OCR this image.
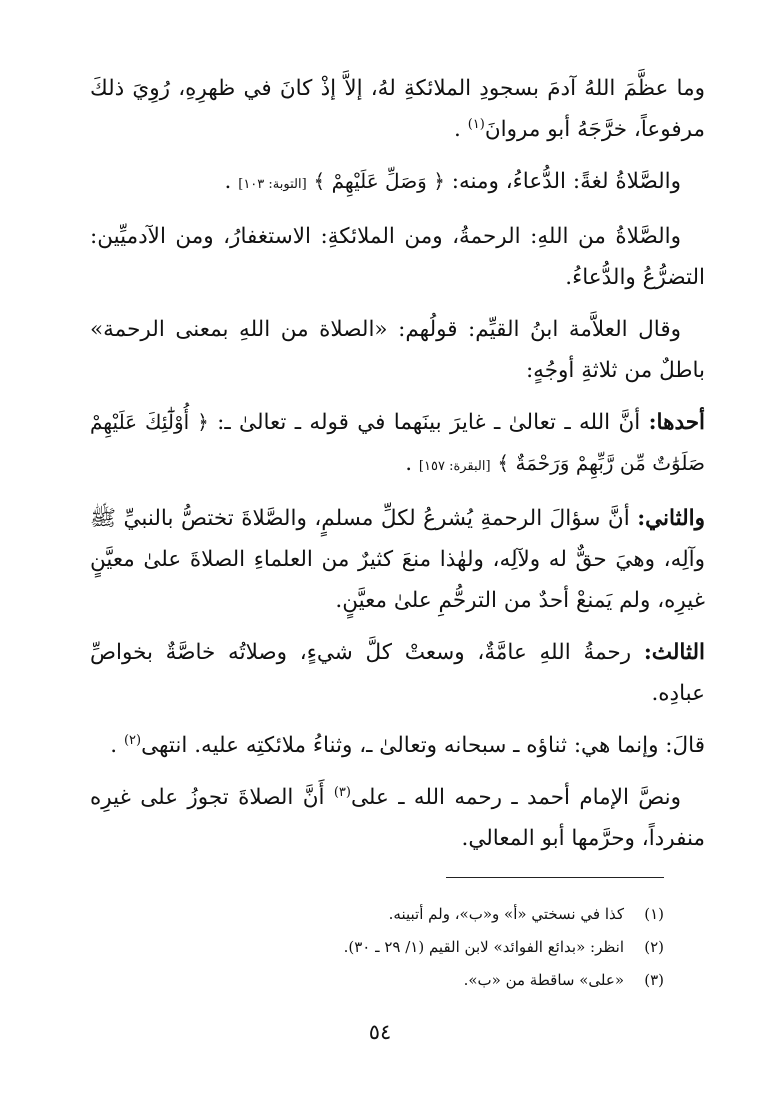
وما عظَّمَ اللهُ آدمَ بسجودِ الملائكةِ لهُ، إلاَّ إذْ كانَ في ظهرِهِ، رُوِيَ ذلكَ مرفوعاً، خرَّجَهُ أبو مروانَ$^{(١)}$ .

والصَّلاةُ لغةً: الدُّعاءُ، ومنه: ﴿ وَصَلِّ عَلَيْهِمْ ﴾ [التوبة: ١٠٣] .

والصَّلاةُ من اللهِ: الرحمةُ، ومن الملائكةِ: الاستغفارُ، ومن الآدميِّين: التضرُّعُ والدُّعاءُ.

وقال العلاَّمة ابنُ القيِّم: قولُهم: «الصلاة من اللهِ بمعنى الرحمة» باطلٌ من ثلاثةِ أوجُهٍ:

أحدها: أنَّ الله ـ تعالىٰ ـ غايرَ بينَهما في قوله ـ تعالىٰ ـ: ﴿ أُوْلَٰٓئِكَ عَلَيْهِمْ صَلَوَٰتٌ مِّن رَّبِّهِمْ وَرَحْمَةٌ ﴾ [البقرة: ١٥٧] .

والثاني: أنَّ سؤالَ الرحمةِ يُشرعُ لكلِّ مسلمٍ، والصَّلاةَ تختصُّ بالنبيِّ ﷺ وآلِه، وهيَ حقٌّ له ولآلِه، ولهٰذا منعَ كثيرٌ من العلماءِ الصلاةَ علىٰ معيَّنٍ غيرِه، ولم يَمنعْ أحدٌ من الترحُّمِ علىٰ معيَّنٍ.

الثالث: رحمةُ اللهِ عامَّةٌ، وسعتْ كلَّ شيءٍ، وصلاتُه خاصَّةٌ بخواصِّ عبادِه.

قالَ: وإنما هي: ثناؤه ـ سبحانه وتعالىٰ ـ، وثناءُ ملائكتِه عليه. انتهى$^{(٢)}$ .

ونصَّ الإمام أحمد ـ رحمه الله ـ على$^{(٣)}$ أَنَّ الصلاةَ تجوزُ على غيرِه منفرداً، وحرَّمها أبو المعالي.

(١)
كذا في نسختي «أ» و«ب»، ولم أتبينه.
(٢)
انظر: «بدائع الفوائد» لابن القيم (١/ ٢٩ ـ ٣٠).
(٣)
«على» ساقطة من «ب».
٥٤
